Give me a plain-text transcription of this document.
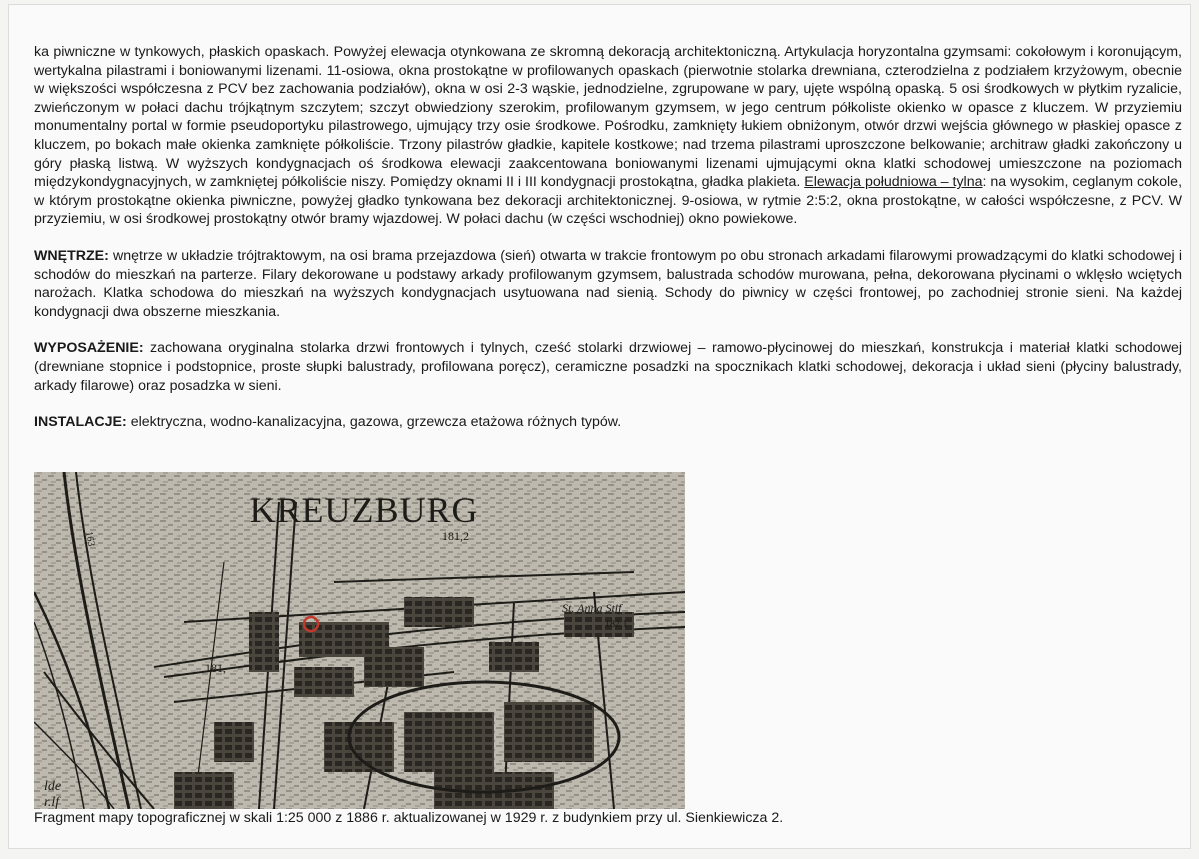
ka piwniczne w tynkowych, płaskich opaskach. Powyżej elewacja otynkowana ze skromną dekoracją architektoniczną. Artykulacja horyzontalna gzymsami: cokołowym i koronującym, wertykalna pilastrami i boniowanymi lizenami. 11-osiowa, okna prostokątne w profilowanych opaskach (pierwotnie stolarka drewniana, czterodzielna z podziałem krzyżowym, obecnie w większości współczesna z PCV bez zachowania podziałów), okna w osi 2-3 wąskie, jednodzielne, zgrupowane w pary, ujęte wspólną opaską. 5 osi środkowych w płytkim ryzalicie, zwieńczonym w połaci dachu trójkątnym szczytem; szczyt obwiedziony szerokim, profilowanym gzymsem, w jego centrum półkoliste okienko w opasce z kluczem. W przyziemiu monumentalny portal w formie pseudoportyku pilastrowego, ujmujący trzy osie środkowe. Pośrodku, zamknięty łukiem obniżonym, otwór drzwi wejścia głównego w płaskiej opasce z kluczem, po bokach małe okienka zamknięte półkoliście. Trzony pilastrów gładkie, kapitele kostkowe; nad trzema pilastrami uproszczone belkowanie; architraw gładki zakończony u góry płaską listwą. W wyższych kondygnacjach oś środkowa elewacji zaakcentowana boniowanymi lizenami ujmującymi okna klatki schodowej umieszczone na poziomach międzykondygnacyjnych, w zamkniętej półkoliście niszy. Pomiędzy oknami II i III kondygnacji prostokątna, gładka plakieta. Elewacja południowa – tylna: na wysokim, ceglanym cokole, w którym prostokątne okienka piwniczne, powyżej gładko tynkowana bez dekoracji architektonicznej. 9-osiowa, w rytmie 2:5:2, okna prostokątne, w całości współczesne, z PCV. W przyziemiu, w osi środkowej prostokątny otwór bramy wjazdowej. W połaci dachu (w części wschodniej) okno powiekowe.

WNĘTRZE: wnętrze w układzie trójtraktowym, na osi brama przejazdowa (sień) otwarta w trakcie frontowym po obu stronach arkadami filarowymi prowadzącymi do klatki schodowej i schodów do mieszkań na parterze. Filary dekorowane u podstawy arkady profilowanym gzymsem, balustrada schodów murowana, pełna, dekorowana płycinami o wklęsło wciętych narożach. Klatka schodowa do mieszkań na wyższych kondygnacjach usytuowana nad sienią. Schody do piwnicy w części frontowej, po zachodniej stronie sieni. Na każdej kondygnacji dwa obszerne mieszkania.

WYPOSAŻENIE: zachowana oryginalna stolarka drzwi frontowych i tylnych, cześć stolarki drzwiowej – ramowo-płycinowej do mieszkań, konstrukcja i materiał klatki schodowej (drewniane stopnice i podstopnice, proste słupki balustrady, profilowana poręcz), ceramiczne posadzki na spocznikach klatki schodowej, dekoracja i układ sieni (płyciny balustrady, arkady filarowe) oraz posadzka w sieni.

INSTALACJE: elektryczna, wodno-kanalizacyjna, gazowa, grzewcza etażowa różnych typów.

KREUZBURG
181,2
181,
182,1
St. Anna Stif
lde
r.lf
163
Fragment mapy topograficznej w skali 1:25 000 z 1886 r. aktualizowanej w 1929 r. z budynkiem przy ul. Sienkiewicza 2.
